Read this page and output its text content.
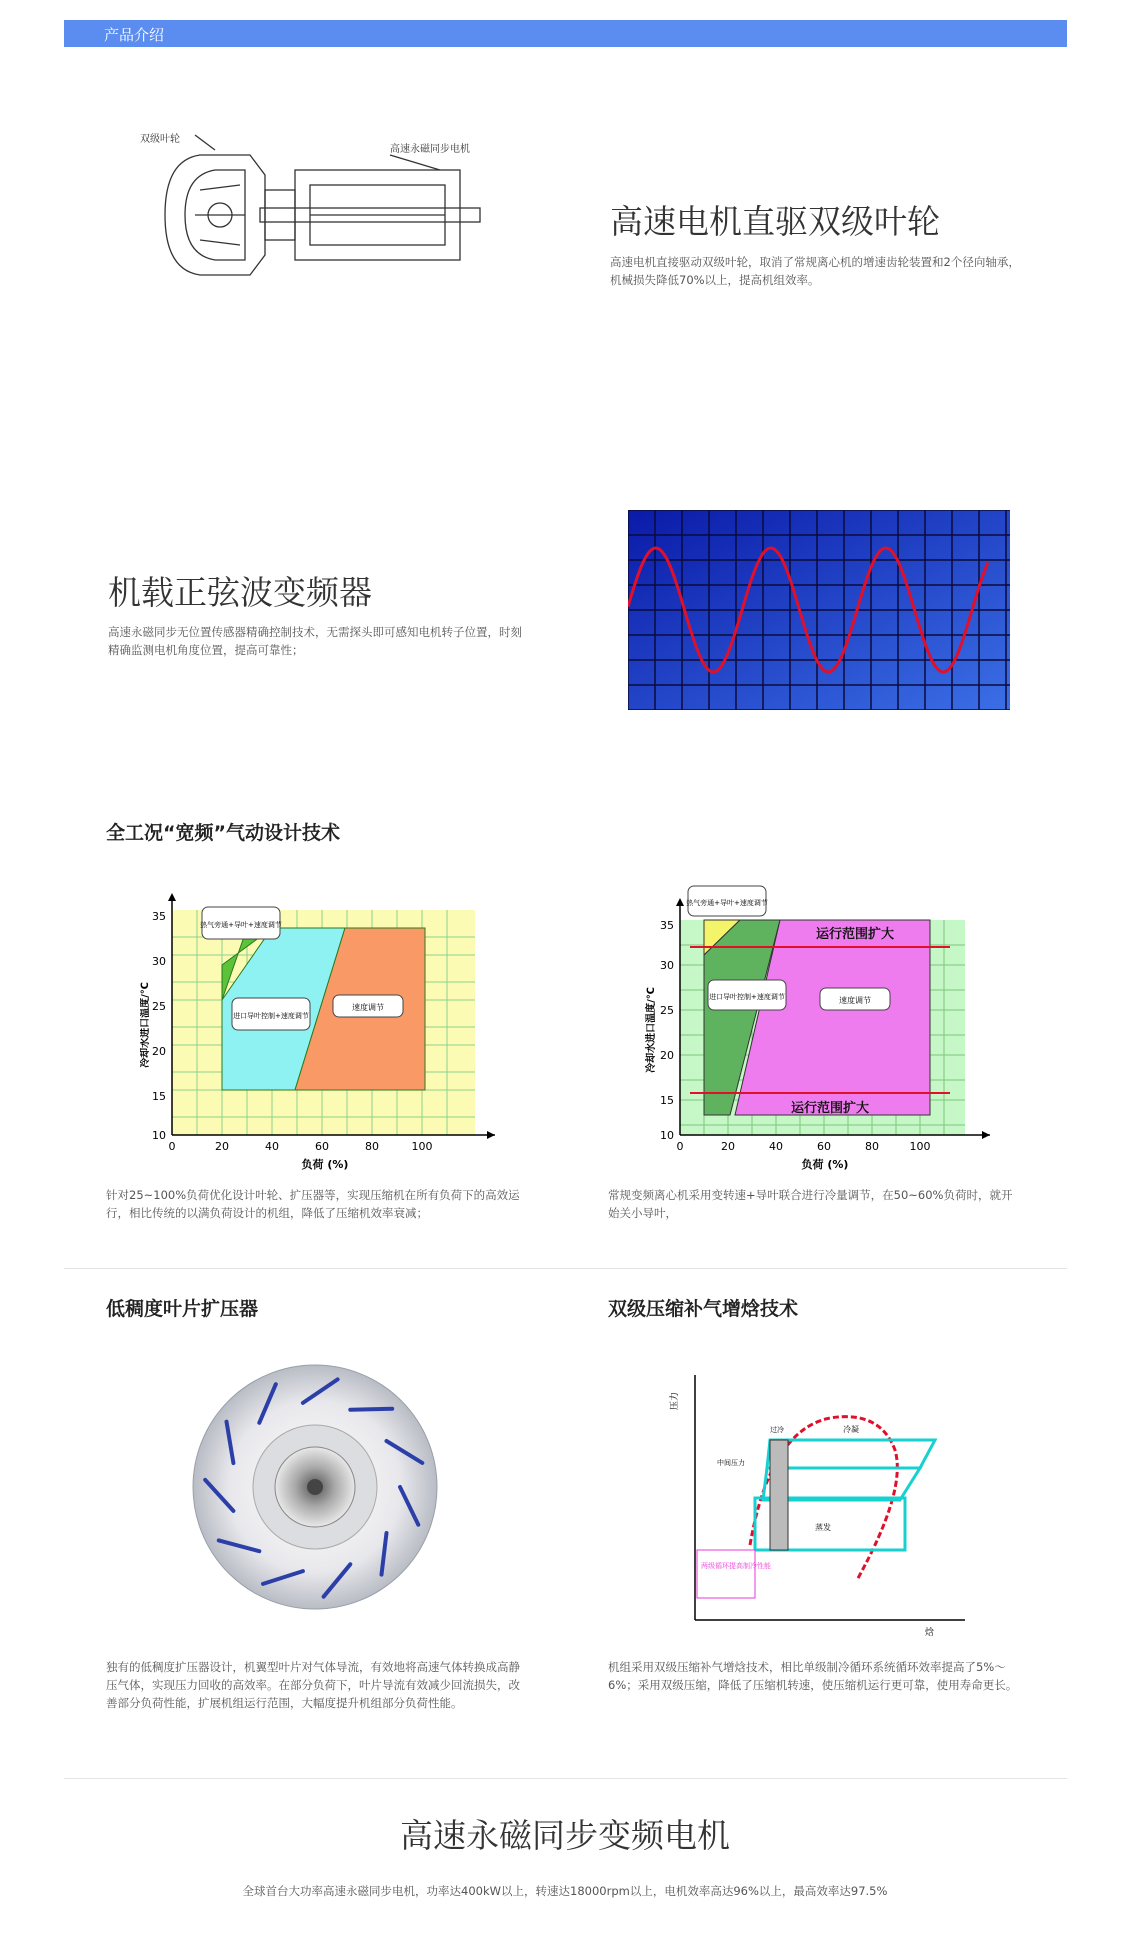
产品介绍
双级叶轮
高速永磁同步电机
高速电机直驱双级叶轮
高速电机直接驱动双级叶轮，取消了常规离心机的增速齿轮装置和2个径向轴承，机械损失降低70%以上，提高机组效率。
机载正弦波变频器
高速永磁同步无位置传感器精确控制技术，无需探头即可感知电机转子位置，时刻精确监测电机角度位置，提高可靠性；
全工况“宽频”气动设计技术
35
30
25
20
15
10
0	20	40	60	80	100
负荷 (%)
冷却水进口温度/℃
热气旁通+导叶+速度调节
进口导叶控制+速度调节
速度调节
35
30
25
20
15
10
0	20	40	60	80	100
负荷 (%)
冷却水进口温度/℃
热气旁通+导叶+速度调节
进口导叶控制+速度调节	速度调节
运行范围扩大
运行范围扩大
针对25~100%负荷优化设计叶轮、扩压器等，实现压缩机在所有负荷下的高效运行，相比传统的以满负荷设计的机组，降低了压缩机效率衰减；
常规变频离心机采用变转速+导叶联合进行冷量调节，在50~60%负荷时，就开始关小导叶，
低稠度叶片扩压器
独有的低稠度扩压器设计，机翼型叶片对气体导流，有效地将高速气体转换成高静压气体，实现压力回收的高效率。在部分负荷下，叶片导流有效减少回流损失，改善部分负荷性能，扩展机组运行范围，大幅度提升机组部分负荷性能。
双级压缩补气增焓技术
压力
焓
冷凝
蒸发
中间压力
过冷
两级循环提高制冷性能
机组采用双级压缩补气增焓技术，相比单级制冷循环系统循环效率提高了5%～6%；采用双级压缩，降低了压缩机转速，使压缩机运行更可靠，使用寿命更长。
高速永磁同步变频电机
全球首台大功率高速永磁同步电机，功率达400kW以上，转速达18000rpm以上，电机效率高达96%以上，最高效率达97.5%
